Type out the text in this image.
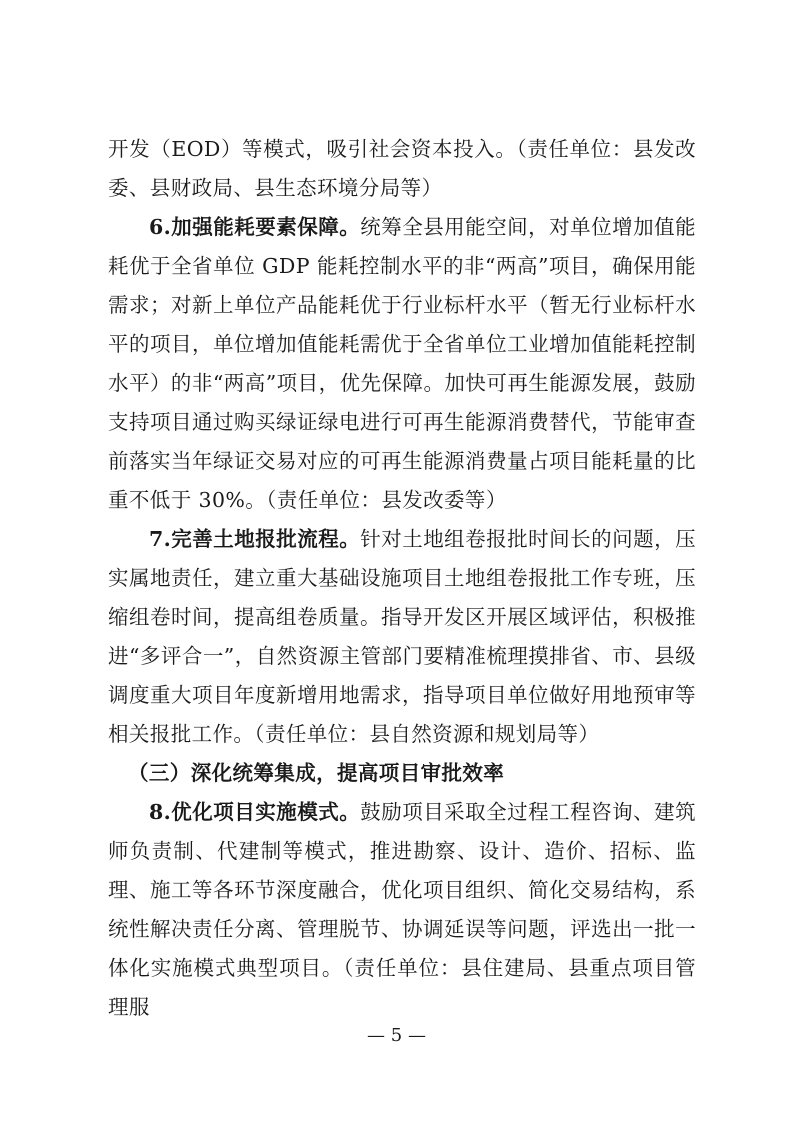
开发（EOD）等模式，吸引社会资本投入。（责任单位：县发改委、县财政局、县生态环境分局等）

6.加强能耗要素保障。统筹全县用能空间，对单位增加值能耗优于全省单位 GDP 能耗控制水平的非“两高”项目，确保用能需求；对新上单位产品能耗优于行业标杆水平（暂无行业标杆水平的项目，单位增加值能耗需优于全省单位工业增加值能耗控制水平）的非“两高”项目，优先保障。加快可再生能源发展，鼓励支持项目通过购买绿证绿电进行可再生能源消费替代，节能审查前落实当年绿证交易对应的可再生能源消费量占项目能耗量的比重不低于 30%。（责任单位：县发改委等）

7.完善土地报批流程。针对土地组卷报批时间长的问题，压实属地责任，建立重大基础设施项目土地组卷报批工作专班，压缩组卷时间，提高组卷质量。指导开发区开展区域评估，积极推进“多评合一”，自然资源主管部门要精准梳理摸排省、市、县级调度重大项目年度新增用地需求，指导项目单位做好用地预审等相关报批工作。（责任单位：县自然资源和规划局等）

（三）深化统筹集成，提高项目审批效率

8.优化项目实施模式。鼓励项目采取全过程工程咨询、建筑师负责制、代建制等模式，推进勘察、设计、造价、招标、监理、施工等各环节深度融合，优化项目组织、简化交易结构，系统性解决责任分离、管理脱节、协调延误等问题，评选出一批一体化实施模式典型项目。（责任单位：县住建局、县重点项目管理服

— 5 —
